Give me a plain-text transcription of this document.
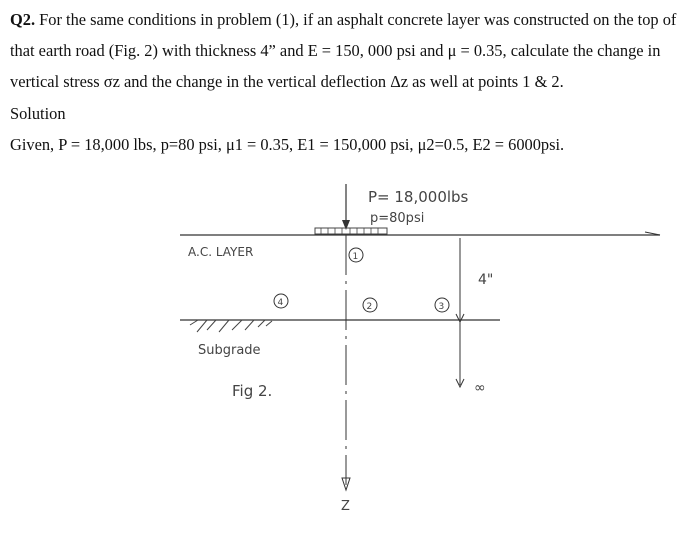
Q2. For the same conditions in problem (1), if an asphalt concrete layer was constructed on the top of that earth road (Fig. 2) with thickness 4” and E = 150, 000 psi and μ = 0.35, calculate the change in vertical stress σz and the change in the vertical deflection Δz as well at points 1 & 2.

Solution
Given, P = 18,000 lbs, p=80 psi, μ1 = 0.35, E1 = 150,000 psi, μ2=0.5, E2 = 6000psi.
P= 18,000lbs
p=80psi
A.C. LAYER
Z
1
2	3
4
4"
∞
Subgrade
Fig 2.
